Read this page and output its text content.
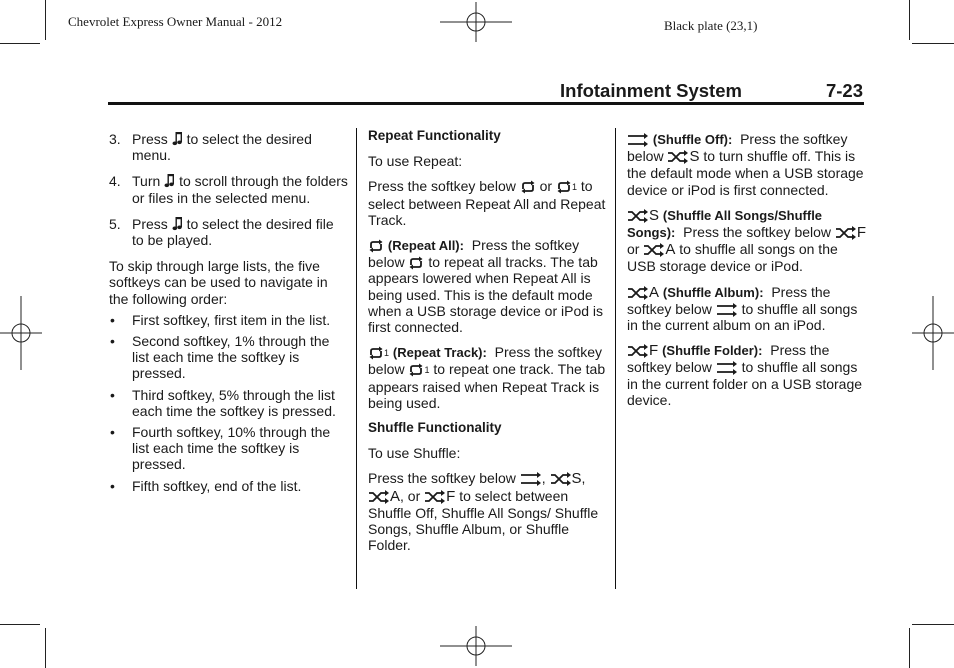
Chevrolet Express Owner Manual - 2012	Black plate (23,1)
Infotainment System	7-23
3. Press to select the desired menu.
4. Turn to scroll through the folders or files in the selected menu.
5. Press to select the desired file to be played.

To skip through large lists, the five softkeys can be used to navigate in the following order:

• First softkey, first item in the list.
• Second softkey, 1% through the list each time the softkey is pressed.
• Third softkey, 5% through the list each time the softkey is pressed.
• Fourth softkey, 10% through the list each time the softkey is pressed.
• Fifth softkey, end of the list.

Repeat Functionality

To use Repeat:

Press the softkey below or 1 to select between Repeat All and Repeat Track.

(Repeat All): Press the softkey below to repeat all tracks. The tab appears lowered when Repeat All is being used. This is the default mode when a USB storage device or iPod is first connected.

1 (Repeat Track): Press the softkey below 1 to repeat one track. The tab appears raised when Repeat Track is being used.

Shuffle Functionality

To use Shuffle:

Press the softkey below , S, A, or F to select between Shuffle Off, Shuffle All Songs/ Shuffle Songs, Shuffle Album, or Shuffle Folder.

(Shuffle Off): Press the softkey below S to turn shuffle off. This is the default mode when a USB storage device or iPod is first connected.

S (Shuffle All Songs/Shuffle Songs): Press the softkey below F or A to shuffle all songs on the USB storage device or iPod.

A (Shuffle Album): Press the softkey below to shuffle all songs in the current album on an iPod.

F (Shuffle Folder): Press the softkey below to shuffle all songs in the current folder on a USB storage device.
